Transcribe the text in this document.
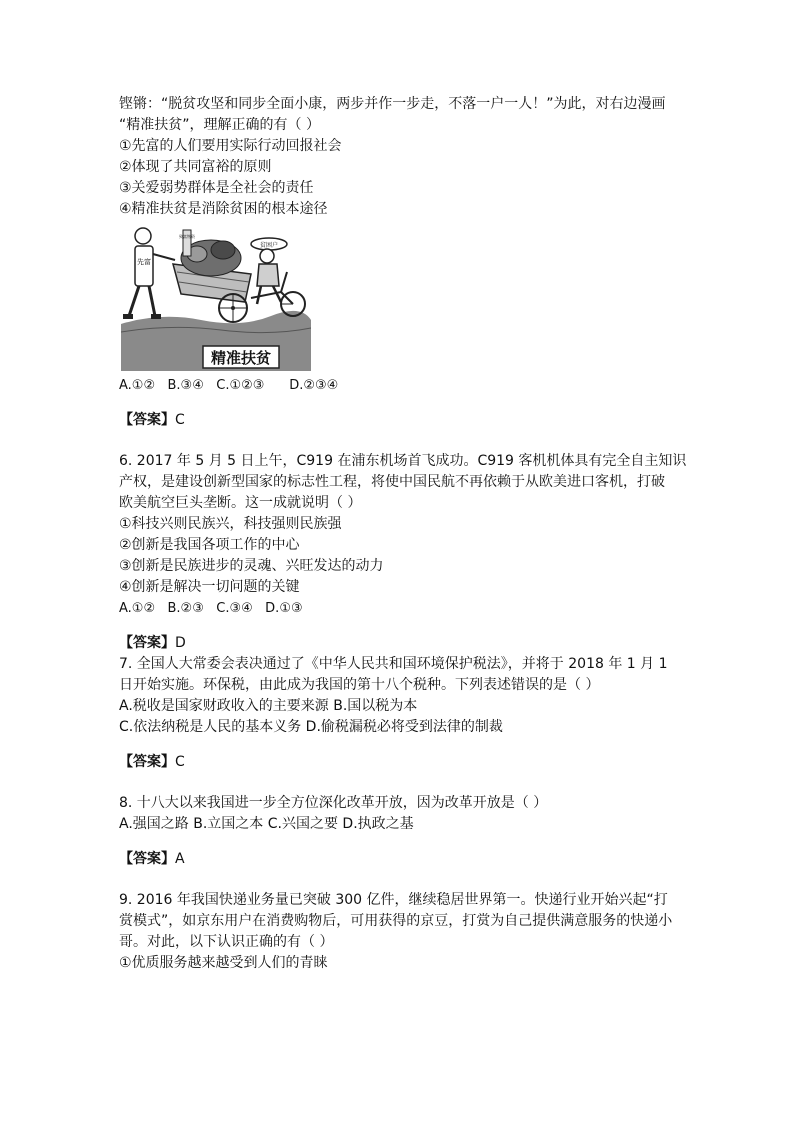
铿锵：“脱贫攻坚和同步全面小康，两步并作一步走，不落一户一人！”为此，对右边漫画

“精准扶贫”，理解正确的有（ ）

①先富的人们要用实际行动回报社会

②体现了共同富裕的原则

③关爱弱势群体是全社会的责任

④精准扶贫是消除贫困的根本途径

精准扶贫
先富
致富物资
贫困户

A.①②   B.③④   C.①②③      D.②③④

【答案】C

6. 2017 年 5 月 5 日上午，C919 在浦东机场首飞成功。C919 客机机体具有完全自主知识

产权，是建设创新型国家的标志性工程，将使中国民航不再依赖于从欧美进口客机，打破

欧美航空巨头垄断。这一成就说明（ ）

①科技兴则民族兴，科技强则民族强

②创新是我国各项工作的中心

③创新是民族进步的灵魂、兴旺发达的动力

④创新是解决一切问题的关键

A.①②   B.②③   C.③④   D.①③

【答案】D

7. 全国人大常委会表决通过了《中华人民共和国环境保护税法》，并将于 2018 年 1 月 1

日开始实施。环保税，由此成为我国的第十八个税种。下列表述错误的是（ ）

A.税收是国家财政收入的主要来源 B.国以税为本

C.依法纳税是人民的基本义务 D.偷税漏税必将受到法律的制裁

【答案】C

8. 十八大以来我国进一步全方位深化改革开放，因为改革开放是（ ）

A.强国之路 B.立国之本 C.兴国之要 D.执政之基

【答案】A

9. 2016 年我国快递业务量已突破 300 亿件，继续稳居世界第一。快递行业开始兴起“打

赏模式”，如京东用户在消费购物后，可用获得的京豆，打赏为自己提供满意服务的快递小

哥。对此，以下认识正确的有（ ）

①优质服务越来越受到人们的青睐
